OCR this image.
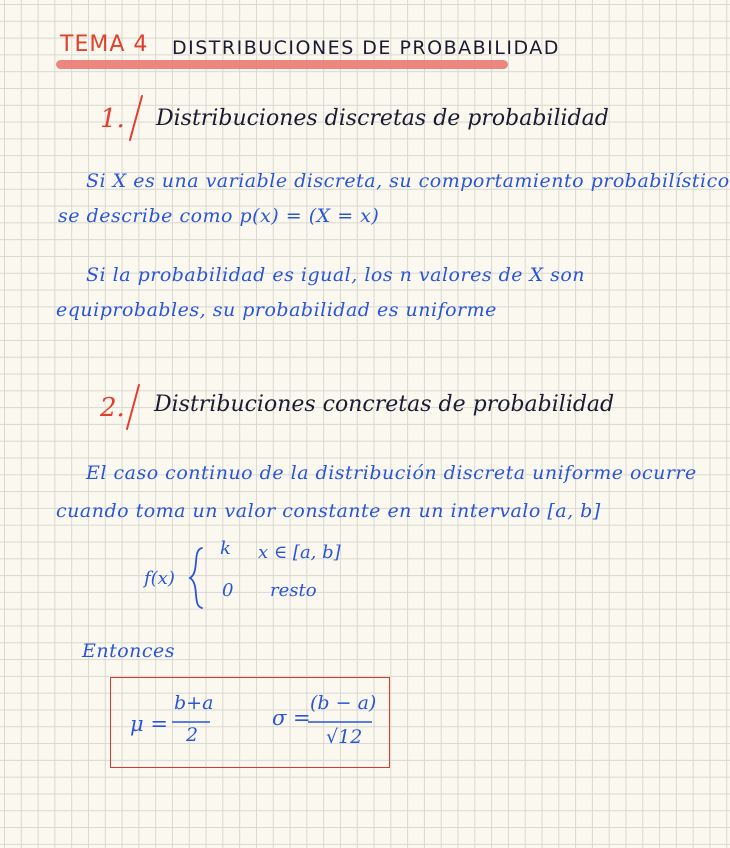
TEMA 4 DISTRIBUCIONES DE PROBABILIDAD
1. Distribuciones discretas de probabilidad
Si X es una variable discreta, su comportamiento probabilístico
se describe como p(x) = (X = x)
Si la probabilidad es igual, los n valores de X son
equiprobables, su probabilidad es uniforme
2. Distribuciones concretas de probabilidad
El caso continuo de la distribución discreta uniforme ocurre
cuando toma un valor constante en un intervalo [a, b]
f(x)
k x ∈ [a, b]
0 resto
Entonces
μ =
b+a
2
σ =
(b − a)
√12
